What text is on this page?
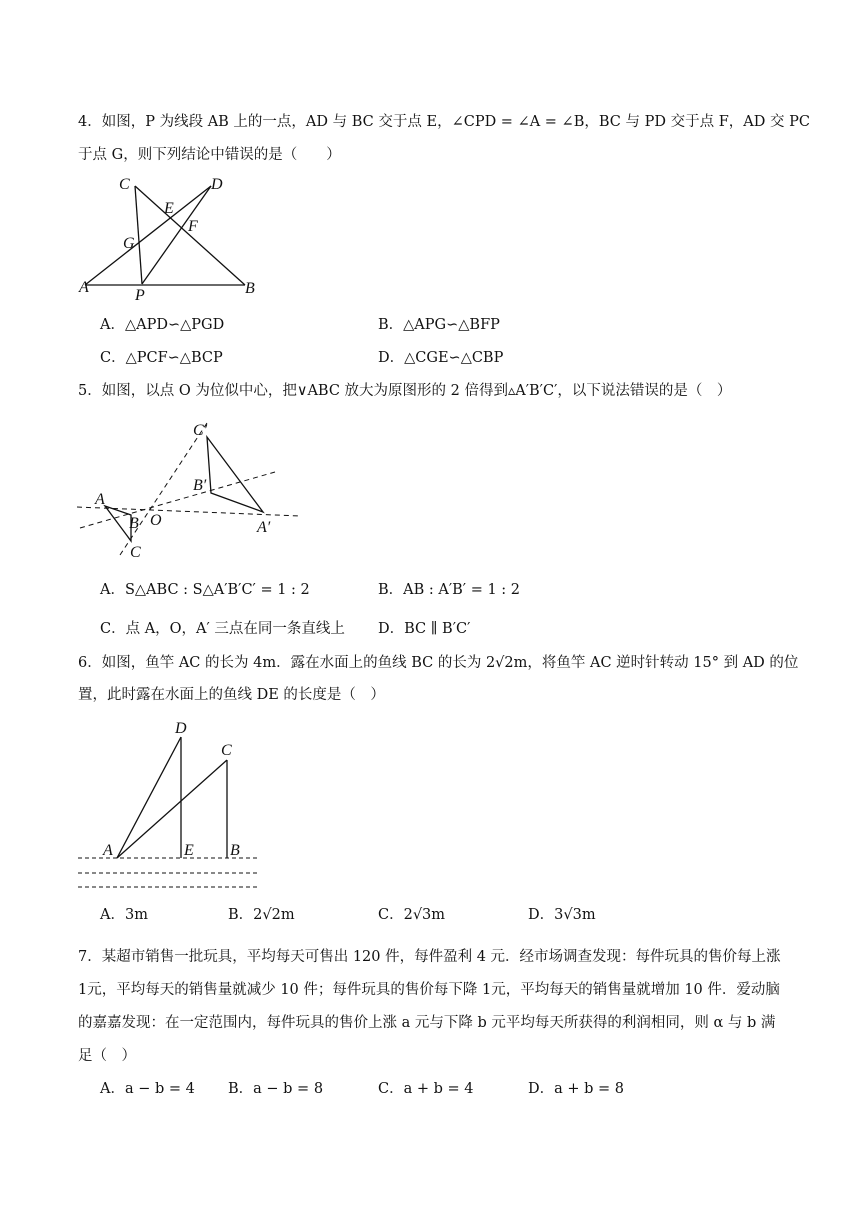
4．如图，P 为线段 AB 上的一点，AD 与 BC 交于点 E，∠CPD = ∠A = ∠B，BC 与 PD 交于点 F，AD 交 PC
于点 G，则下列结论中错误的是（　　）
C	D
E
F
G
A	P	B
A．△APD∽△PGD	B．△APG∽△BFP
C．△PCF∽△BCP	D．△CGE∽△CBP
5．如图，以点 O 为位似中心，把∨ABC 放大为原图形的 2 倍得到▵A′B′C′，以下说法错误的是（　）
A
B
C
O	A′
B′
C′
A．S△ABC : S△A′B′C′ = 1 : 2	B．AB : A′B′ = 1 : 2
C．点 A，O，A′ 三点在同一条直线上 D．BC ∥ B′C′
6．如图，鱼竿 AC 的长为 4m．露在水面上的鱼线 BC 的长为 2√2m，将鱼竿 AC 逆时针转动 15° 到 AD 的位
置，此时露在水面上的鱼线 DE 的长度是（　）
D
C
A	E B
A．3m	B．2√2m	C．2√3m	D．3√3m
7．某超市销售一批玩具，平均每天可售出 120 件，每件盈利 4 元．经市场调查发现：每件玩具的售价每上涨
1元，平均每天的销售量就减少 10 件；每件玩具的售价每下降 1元，平均每天的销售量就增加 10 件．爱动脑
的嘉嘉发现：在一定范围内，每件玩具的售价上涨 a 元与下降 b 元平均每天所获得的利润相同，则 α 与 b 满
足（　）
A．a − b = 4 B．a − b = 8	C．a + b = 4	D．a + b = 8
